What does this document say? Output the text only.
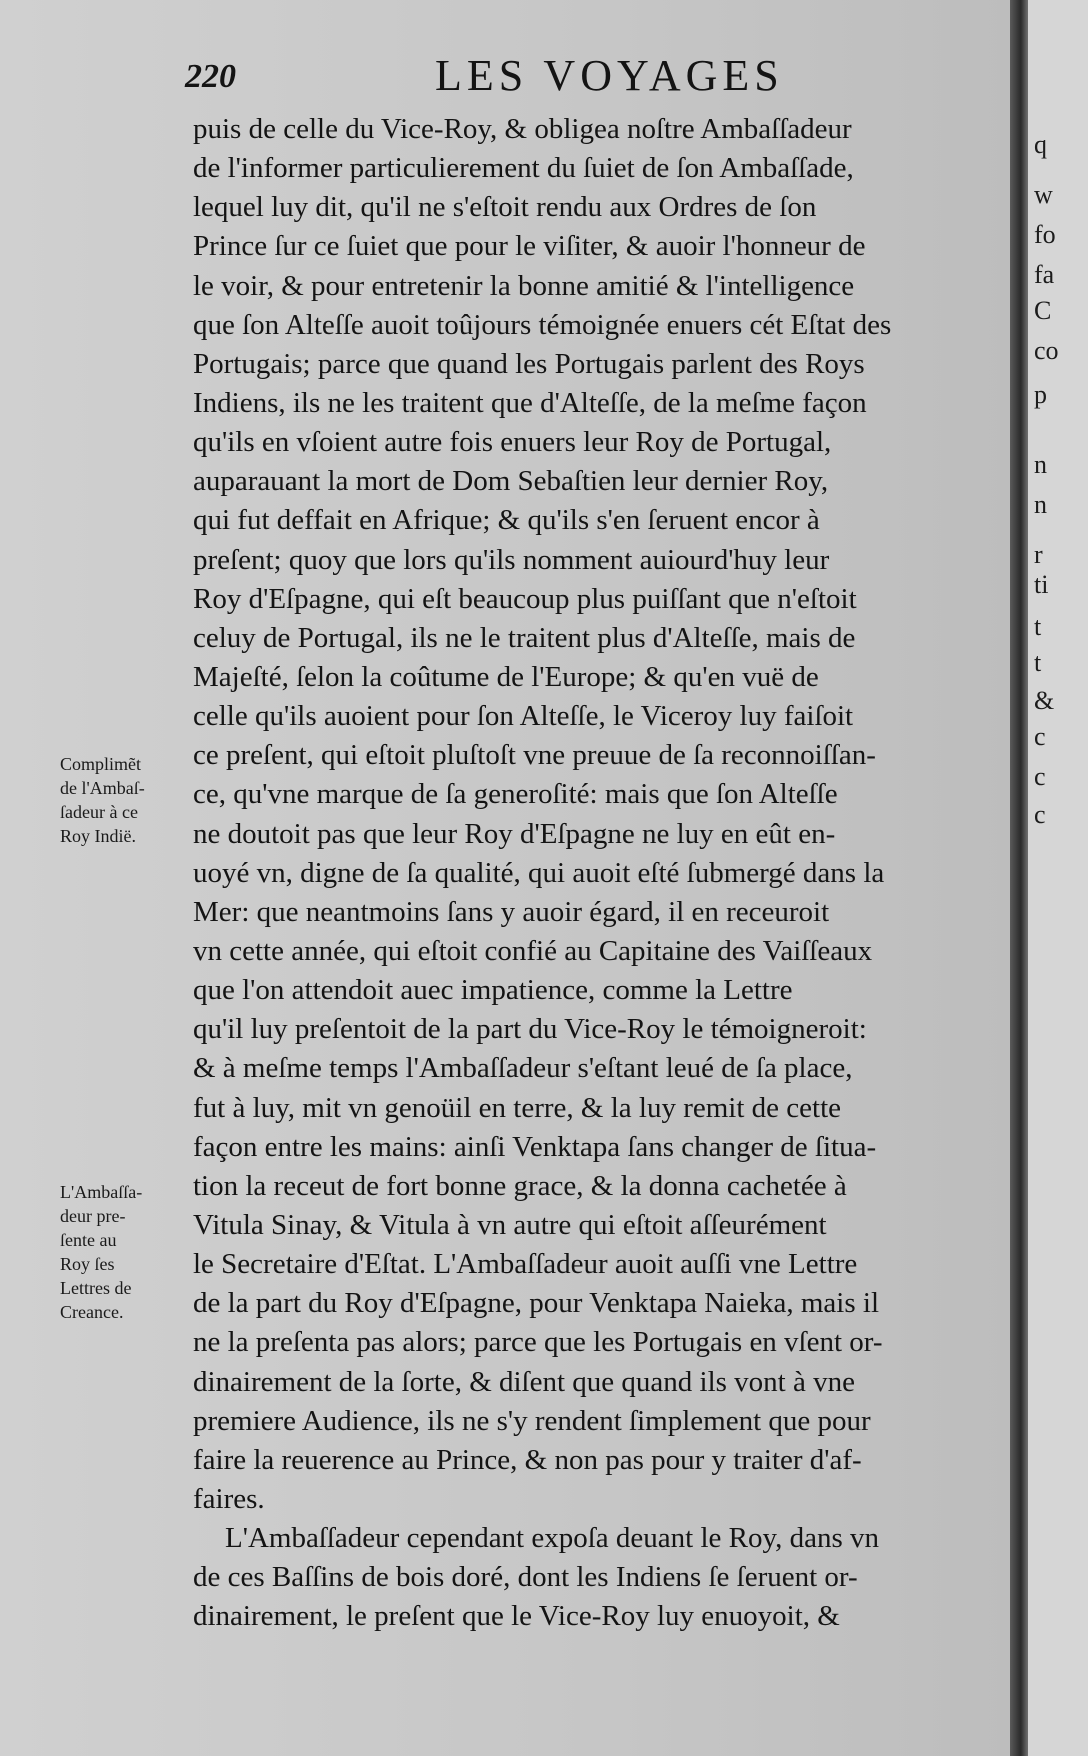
220	LES VOYAGES
Complimẽt
de l'Ambaſ-
ſadeur à ce
Roy Indië.
L'Ambaſſa-
deur pre-
ſente au
Roy ſes
Lettres de
Creance.
puis de celle du Vice-Roy, & obligea noſtre Ambaſſadeur
de l'informer particulierement du ſuiet de ſon Ambaſſade,
lequel luy dit, qu'il ne s'eſtoit rendu aux Ordres de ſon
Prince ſur ce ſuiet que pour le viſiter, & auoir l'honneur de
le voir, & pour entretenir la bonne amitié & l'intelligence
que ſon Alteſſe auoit toûjours témoignée enuers cét Eſtat des
Portugais; parce que quand les Portugais parlent des Roys
Indiens, ils ne les traitent que d'Alteſſe, de la meſme façon
qu'ils en vſoient autre fois enuers leur Roy de Portugal,
auparauant la mort de Dom Sebaſtien leur dernier Roy,
qui fut deffait en Afrique; & qu'ils s'en ſeruent encor à
preſent; quoy que lors qu'ils nomment auiourd'huy leur
Roy d'Eſpagne, qui eſt beaucoup plus puiſſant que n'eſtoit
celuy de Portugal, ils ne le traitent plus d'Alteſſe, mais de
Majeſté, ſelon la coûtume de l'Europe; & qu'en vuë de
celle qu'ils auoient pour ſon Alteſſe, le Viceroy luy faiſoit
ce preſent, qui eſtoit pluſtoſt vne preuue de ſa reconnoiſſan-
ce, qu'vne marque de ſa generoſité: mais que ſon Alteſſe
ne doutoit pas que leur Roy d'Eſpagne ne luy en eût en-
uoyé vn, digne de ſa qualité, qui auoit eſté ſubmergé dans la
Mer: que neantmoins ſans y auoir égard, il en receuroit
vn cette année, qui eſtoit confié au Capitaine des Vaiſſeaux
que l'on attendoit auec impatience, comme la Lettre
qu'il luy preſentoit de la part du Vice-Roy le témoigneroit:
& à meſme temps l'Ambaſſadeur s'eſtant leué de ſa place,
fut à luy, mit vn genoüil en terre, & la luy remit de cette
façon entre les mains: ainſi Venktapa ſans changer de ſitua-
tion la receut de fort bonne grace, & la donna cachetée à
Vitula Sinay, & Vitula à vn autre qui eſtoit aſſeurément
le Secretaire d'Eſtat. L'Ambaſſadeur auoit auſſi vne Lettre
de la part du Roy d'Eſpagne, pour Venktapa Naieka, mais il
ne la preſenta pas alors; parce que les Portugais en vſent or-
dinairement de la ſorte, & diſent que quand ils vont à vne
premiere Audience, ils ne s'y rendent ſimplement que pour
faire la reuerence au Prince, & non pas pour y traiter d'af-
faires.
L'Ambaſſadeur cependant expoſa deuant le Roy, dans vn
de ces Baſſins de bois doré, dont les Indiens ſe ſeruent or-
dinairement, le preſent que le Vice-Roy luy enuoyoit, &
q
w
fo
fa
C
co
p
n
n
r
ti
t
t
&
c
c
c
